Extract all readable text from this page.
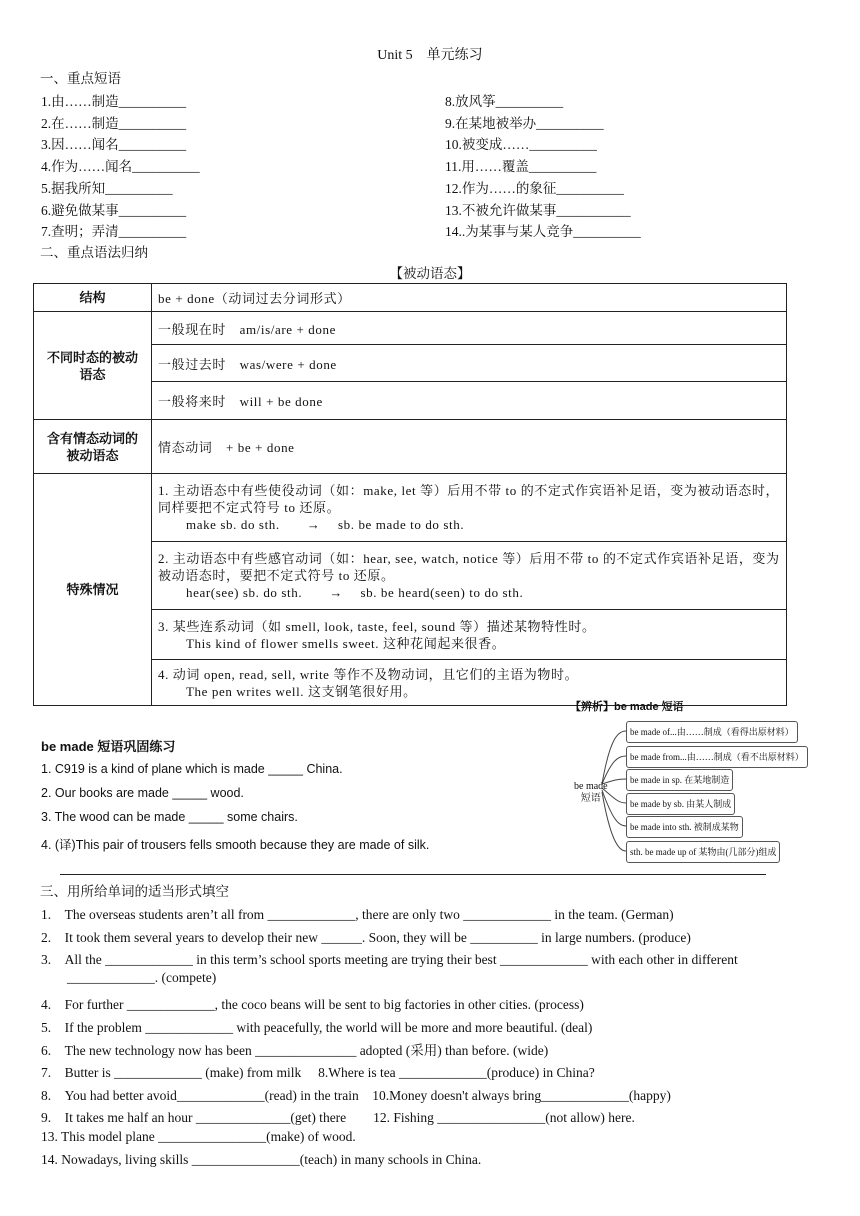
Unit 5　单元练习
一、重点短语
1.由……制造__________
2.在……制造__________
3.因……闻名__________
4.作为……闻名__________
5.据我所知__________
6.避免做某事__________
7.查明；弄清__________
8.放风筝__________
9.在某地被举办__________
10.被变成……__________
11.用……覆盖__________
12.作为……的象征__________
13.不被允许做某事___________
14..为某事与某人竞争__________
二、重点语法归纳
【被动语态】
结构	be + done（动词过去分词形式）
不同时态的被动语态	一般现在时　am/is/are + done
	一般过去时　was/were + done
	一般将来时　will + be done
含有情态动词的被动语态	情态动词　+ be + done
特殊情况	1. 主动语态中有些使役动词（如：make, let 等）后用不带 to 的不定式作宾语补足语，变为被动语态时，同样要把不定式符号 to 还原。
make sb. do sth.　　→　 sb. be made to do sth.

	2. 主动语态中有些感官动词（如：hear, see, watch, notice 等）后用不带 to 的不定式作宾语补足语，变为被动语态时，要把不定式符号 to 还原。
hear(see) sb. do sth.　　→　 sb. be heard(seen) to do sth.

	3. 某些连系动词（如 smell, look, taste, feel, sound 等）描述某物特性时。
This kind of flower smells sweet. 这种花闻起来很香。

	4. 动词 open, read, sell, write 等作不及物动词，且它们的主语为物时。
The pen writes well. 这支钢笔很好用。
be made 短语巩固练习
1. C919 is a kind of plane which is made _____ China.
2. Our books are made _____ wood.
3. The wood can be made _____ some chairs.
4. (译)This pair of trousers fells smooth because they are made of silk.
【辨析】be made 短语
be made
短语
be made of...由……制成（看得出原材料）
be made from...由……制成（看不出原材料）
be made in sp. 在某地制造
be made by sb. 由某人制成
be made into sth. 被制成某物
sth. be made up of 某物由(几部分)组成
三、用所给单词的适当形式填空
1.　The overseas students aren’t all from _____________, there are only two _____________ in the team. (German)
2.　It took them several years to develop their new ______. Soon, they will be __________ in large numbers. (produce)
3.　All the _____________ in this term’s school sports meeting are trying their best _____________ with each other in different
_____________. (compete)
4.　For further _____________, the coco beans will be sent to big factories in other cities. (process)
5.　If the problem _____________ with peacefully, the world will be more and more beautiful. (deal)
6.　The new technology now has been _______________ adopted (采用) than before. (wide)
7.　Butter is _____________ (make) from milk　 8.Where is tea _____________(produce) in China?
8.　You had better avoid_____________(read) in the train　10.Money doesn't always bring_____________(happy)
9.　It takes me half an hour ______________(get) there　　12. Fishing ________________(not allow) here.
13. This model plane ________________(make) of wood.
14. Nowadays, living skills ________________(teach) in many schools in China.
